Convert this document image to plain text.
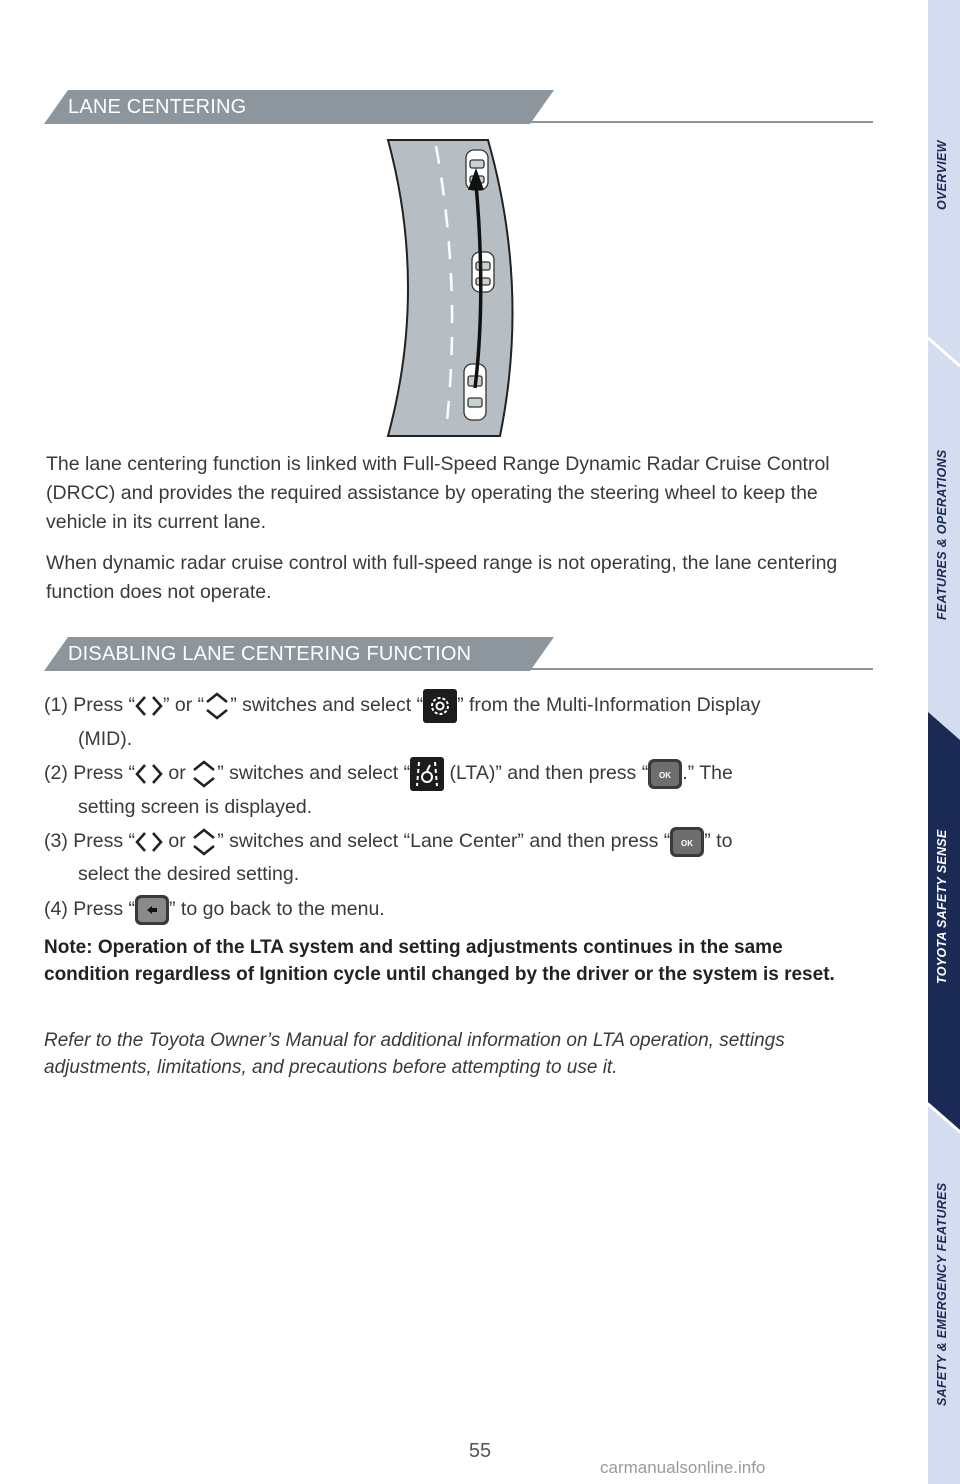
LANE CENTERING
The lane centering function is linked with Full-Speed Range Dynamic Radar Cruise Control (DRCC) and provides the required assistance by operating the steering wheel to keep the vehicle in its current lane.
When dynamic radar cruise control with full-speed range is not operating, the lane centering function does not operate.
DISABLING LANE CENTERING FUNCTION
(1) Press “ ” or “ ” switches and select “ ” from the Multi-Information Display
(MID).
(2) Press “ or ” switches and select “ (LTA)” and then press “ OK .” The
setting screen is displayed.
(3) Press “ or ” switches and select “Lane Center” and then press “ OK ” to
select the desired setting.
(4) Press “ ” to go back to the menu.
Note: Operation of the LTA system and setting adjustments continues in the same condition regardless of Ignition cycle until changed by the driver or the system is reset.
Refer to the Toyota Owner’s Manual for additional information on LTA operation, settings adjustments, limitations, and precautions before attempting to use it.
OVERVIEW
FEATURES & OPERATIONS
TOYOTA SAFETY SENSE
SAFETY & EMERGENCY FEATURES
55
carmanualsonline.info
